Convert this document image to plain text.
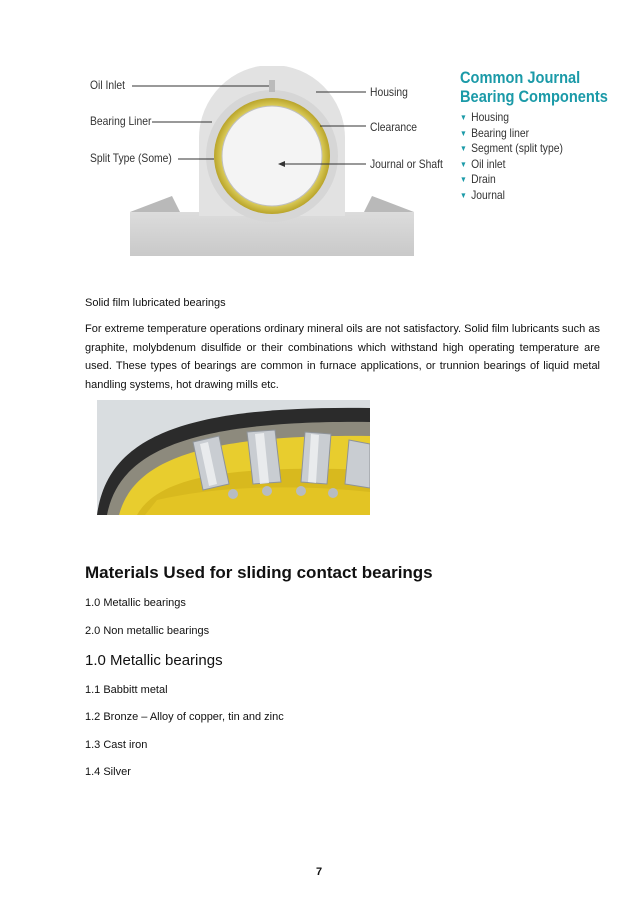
Oil Inlet
Bearing Liner
Split Type (Some)
Housing
Clearance
Journal or Shaft
Common Journal
Bearing Components
▼ Housing
▼ Bearing liner
▼ Segment (split type)
▼ Oil inlet
▼ Drain
▼ Journal
Solid film lubricated bearings
For extreme temperature operations ordinary mineral oils are not satisfactory. Solid film lubricants such as graphite, molybdenum disulfide or their combinations which withstand high operating temperature are used. These types of bearings are common in furnace applications, or trunnion bearings of liquid metal handling systems, hot drawing mills etc.
Materials Used for sliding contact bearings
1.0 Metallic bearings
2.0 Non metallic bearings
1.0 Metallic bearings
1.1 Babbitt metal
1.2 Bronze – Alloy of copper, tin and zinc
1.3 Cast iron
1.4 Silver
7
